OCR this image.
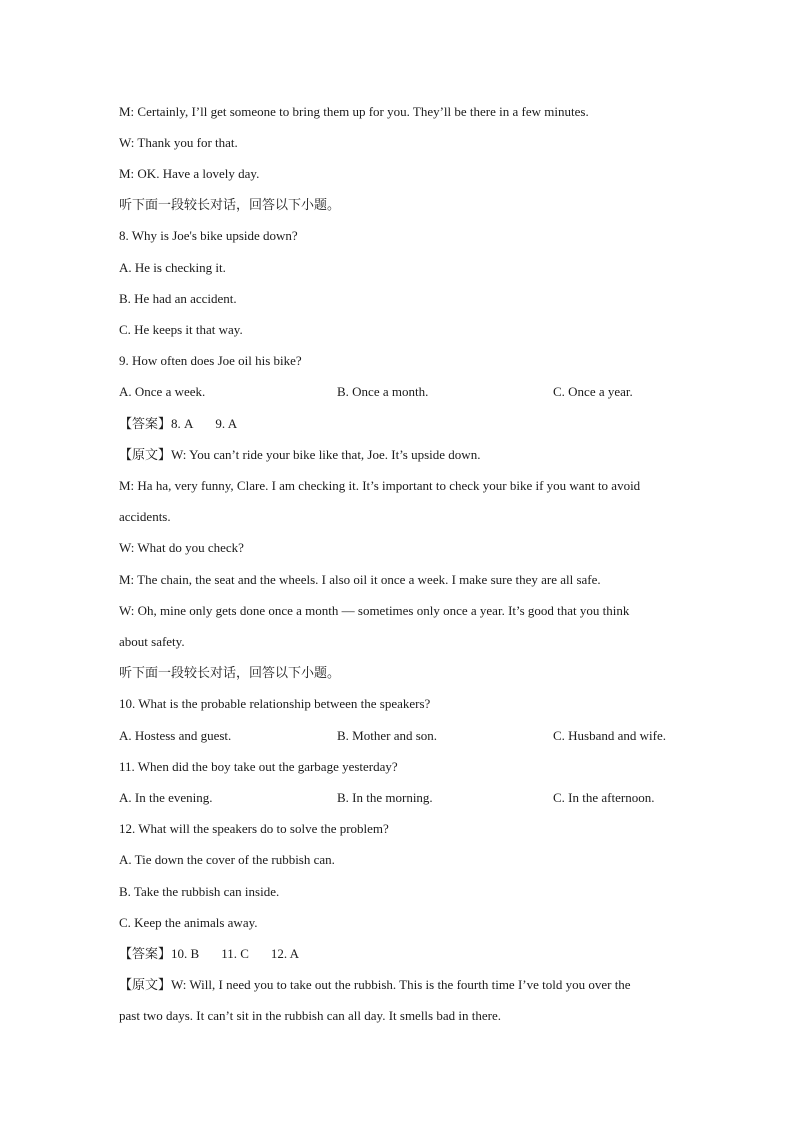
M: Certainly, I’ll get someone to bring them up for you. They’ll be there in a few minutes.
W: Thank you for that.
M: OK. Have a lovely day.
听下面一段较长对话，回答以下小题。
8. Why is Joe's bike upside down?
A. He is checking it.
B. He had an accident.
C. He keeps it that way.
9. How often does Joe oil his bike?
A. Once a week.	B. Once a month.	C. Once a year.
【答案】8. A 9. A
【原文】W: You can’t ride your bike like that, Joe. It’s upside down.
M: Ha ha, very funny, Clare. I am checking it. It’s important to check your bike if you want to avoid
accidents.
W: What do you check?
M: The chain, the seat and the wheels. I also oil it once a week. I make sure they are all safe.
W: Oh, mine only gets done once a month — sometimes only once a year. It’s good that you think
about safety.
听下面一段较长对话，回答以下小题。
10. What is the probable relationship between the speakers?
A. Hostess and guest.	B. Mother and son.	C. Husband and wife.
11. When did the boy take out the garbage yesterday?
A. In the evening.	B. In the morning.	C. In the afternoon.
12. What will the speakers do to solve the problem?
A. Tie down the cover of the rubbish can.
B. Take the rubbish can inside.
C. Keep the animals away.
【答案】10. B 11. C 12. A
【原文】W: Will, I need you to take out the rubbish. This is the fourth time I’ve told you over the
past two days. It can’t sit in the rubbish can all day. It smells bad in there.
